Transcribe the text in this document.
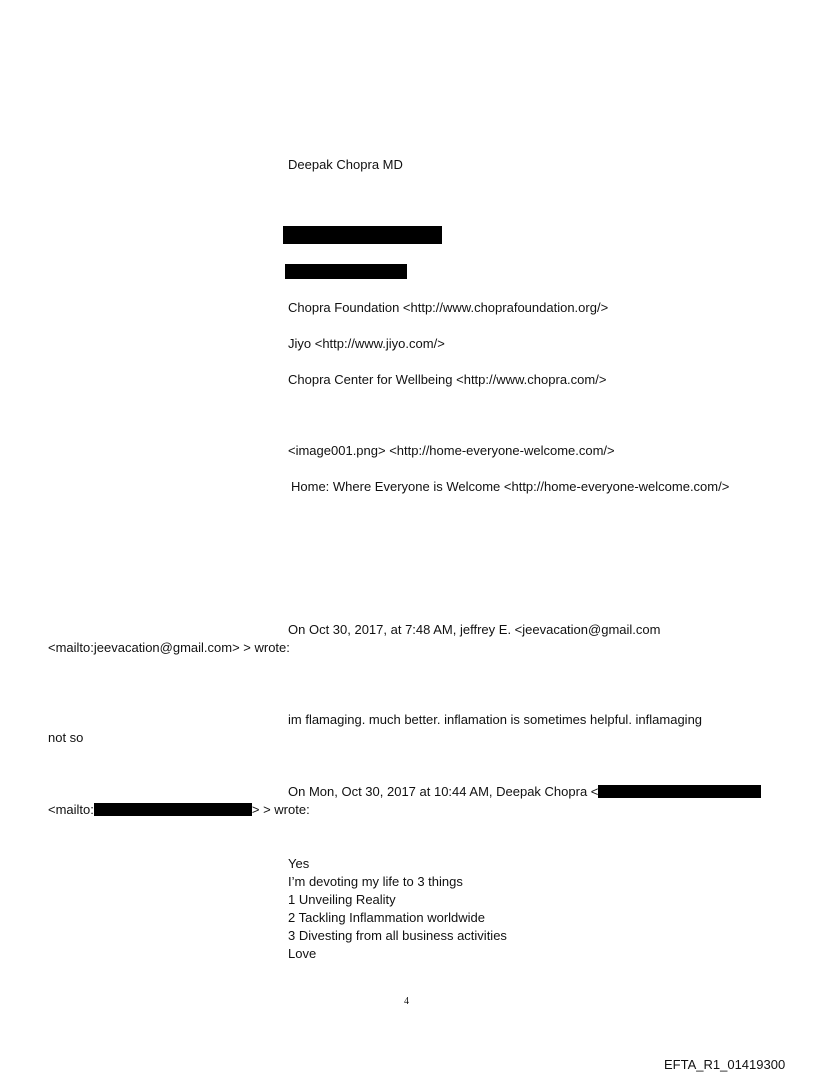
Deepak Chopra MD
Chopra Foundation <http://www.choprafoundation.org/>
Jiyo <http://www.jiyo.com/>
Chopra Center for Wellbeing <http://www.chopra.com/>
<image001.png> <http://home-everyone-welcome.com/>
Home: Where Everyone is Welcome <http://home-everyone-welcome.com/>
On Oct 30, 2017, at 7:48 AM, jeffrey E. <jeevacation@gmail.com
<mailto:jeevacation@gmail.com> > wrote:
im flamaging. much better. inflamation is sometimes helpful. inflamaging
not so
On Mon, Oct 30, 2017 at 10:44 AM, Deepak Chopra <
<mailto:	> > wrote:
Yes
I’m devoting my life to 3 things
1 Unveiling Reality
2 Tackling Inflammation worldwide
3 Divesting from all business activities
Love
4
EFTA_R1_01419300
